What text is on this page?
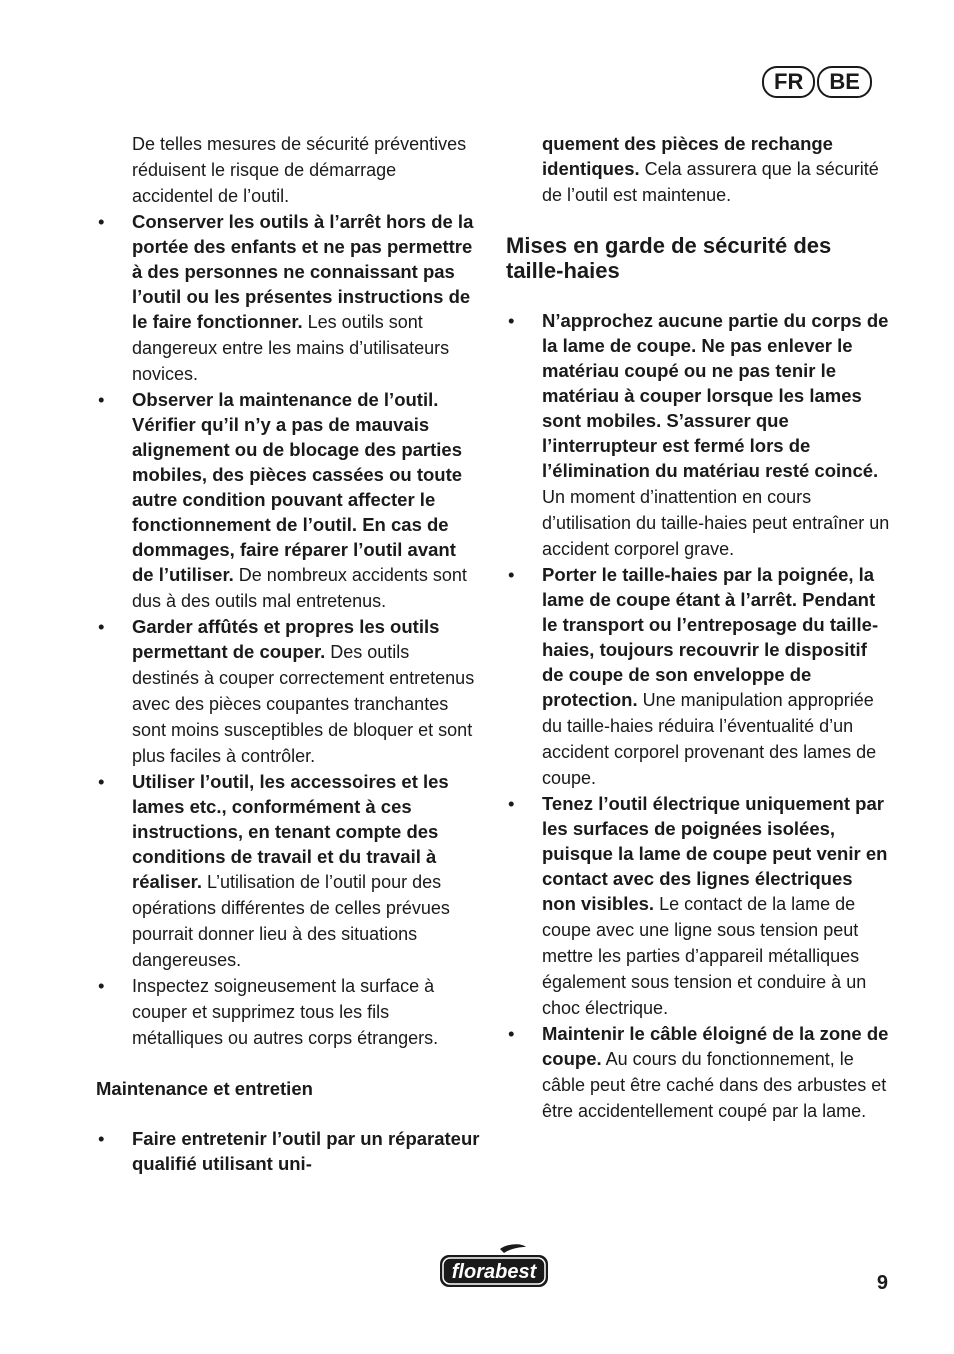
FR	BE
De telles mesures de sécurité préventives réduisent le risque de démarrage accidentel de l’outil.
• Conserver les outils à l’arrêt hors de la portée des enfants et ne pas permettre à des personnes ne connaissant pas l’outil ou les présentes instructions de le faire fonctionner. Les outils sont dangereux entre les mains d’utilisateurs novices.
• Observer la maintenance de l’outil. Vérifier qu’il n’y a pas de mauvais alignement ou de blocage des parties mobiles, des pièces cassées ou toute autre condition pouvant affecter le fonctionnement de l’outil. En cas de dommages, faire réparer l’outil avant de l’utiliser. De nombreux accidents sont dus à des outils mal entretenus.
• Garder affûtés et propres les outils permettant de couper. Des outils destinés à couper correctement entretenus avec des pièces coupantes tranchantes sont moins susceptibles de bloquer et sont plus faciles à contrôler.
• Utiliser l’outil, les accessoires et les lames etc., conformément à ces instructions, en tenant compte des conditions de travail et du travail à réaliser. L’utilisation de l’outil pour des opérations différentes de celles prévues pourrait donner lieu à des situations dangereuses.
• Inspectez soigneusement la surface à couper et supprimez tous les fils métalliques ou autres corps étrangers.
Maintenance et entretien
• Faire entretenir l’outil par un réparateur qualifié utilisant uni-
quement des pièces de rechange identiques. Cela assurera que la sécurité de l’outil est maintenue.
Mises en garde de sécurité des taille-haies
• N’approchez aucune partie du corps de la lame de coupe. Ne pas enlever le matériau coupé ou ne pas tenir le matériau à couper lorsque les lames sont mobiles. S’assurer que l’interrupteur est fermé lors de l’élimination du matériau resté coincé. Un moment d’inattention en cours d’utilisation du taille-haies peut entraîner un accident corporel grave.
• Porter le taille-haies par la poignée, la lame de coupe étant à l’arrêt. Pendant le transport ou l’entreposage du taille-haies, toujours recouvrir le dispositif de coupe de son enveloppe de protection. Une manipulation appropriée du taille-haies réduira l’éventualité d’un accident corporel provenant des lames de coupe.
• Tenez l’outil électrique uniquement par les surfaces de poignées isolées, puisque la lame de coupe peut venir en contact avec des lignes électriques non visibles. Le contact de la lame de coupe avec une ligne sous tension peut mettre les parties d’appareil métalliques également sous tension et conduire à un choc électrique.
• Maintenir le câble éloigné de la zone de coupe. Au cours du fonctionnement, le câble peut être caché dans des arbustes et être accidentellement coupé par la lame.
florabest	9
